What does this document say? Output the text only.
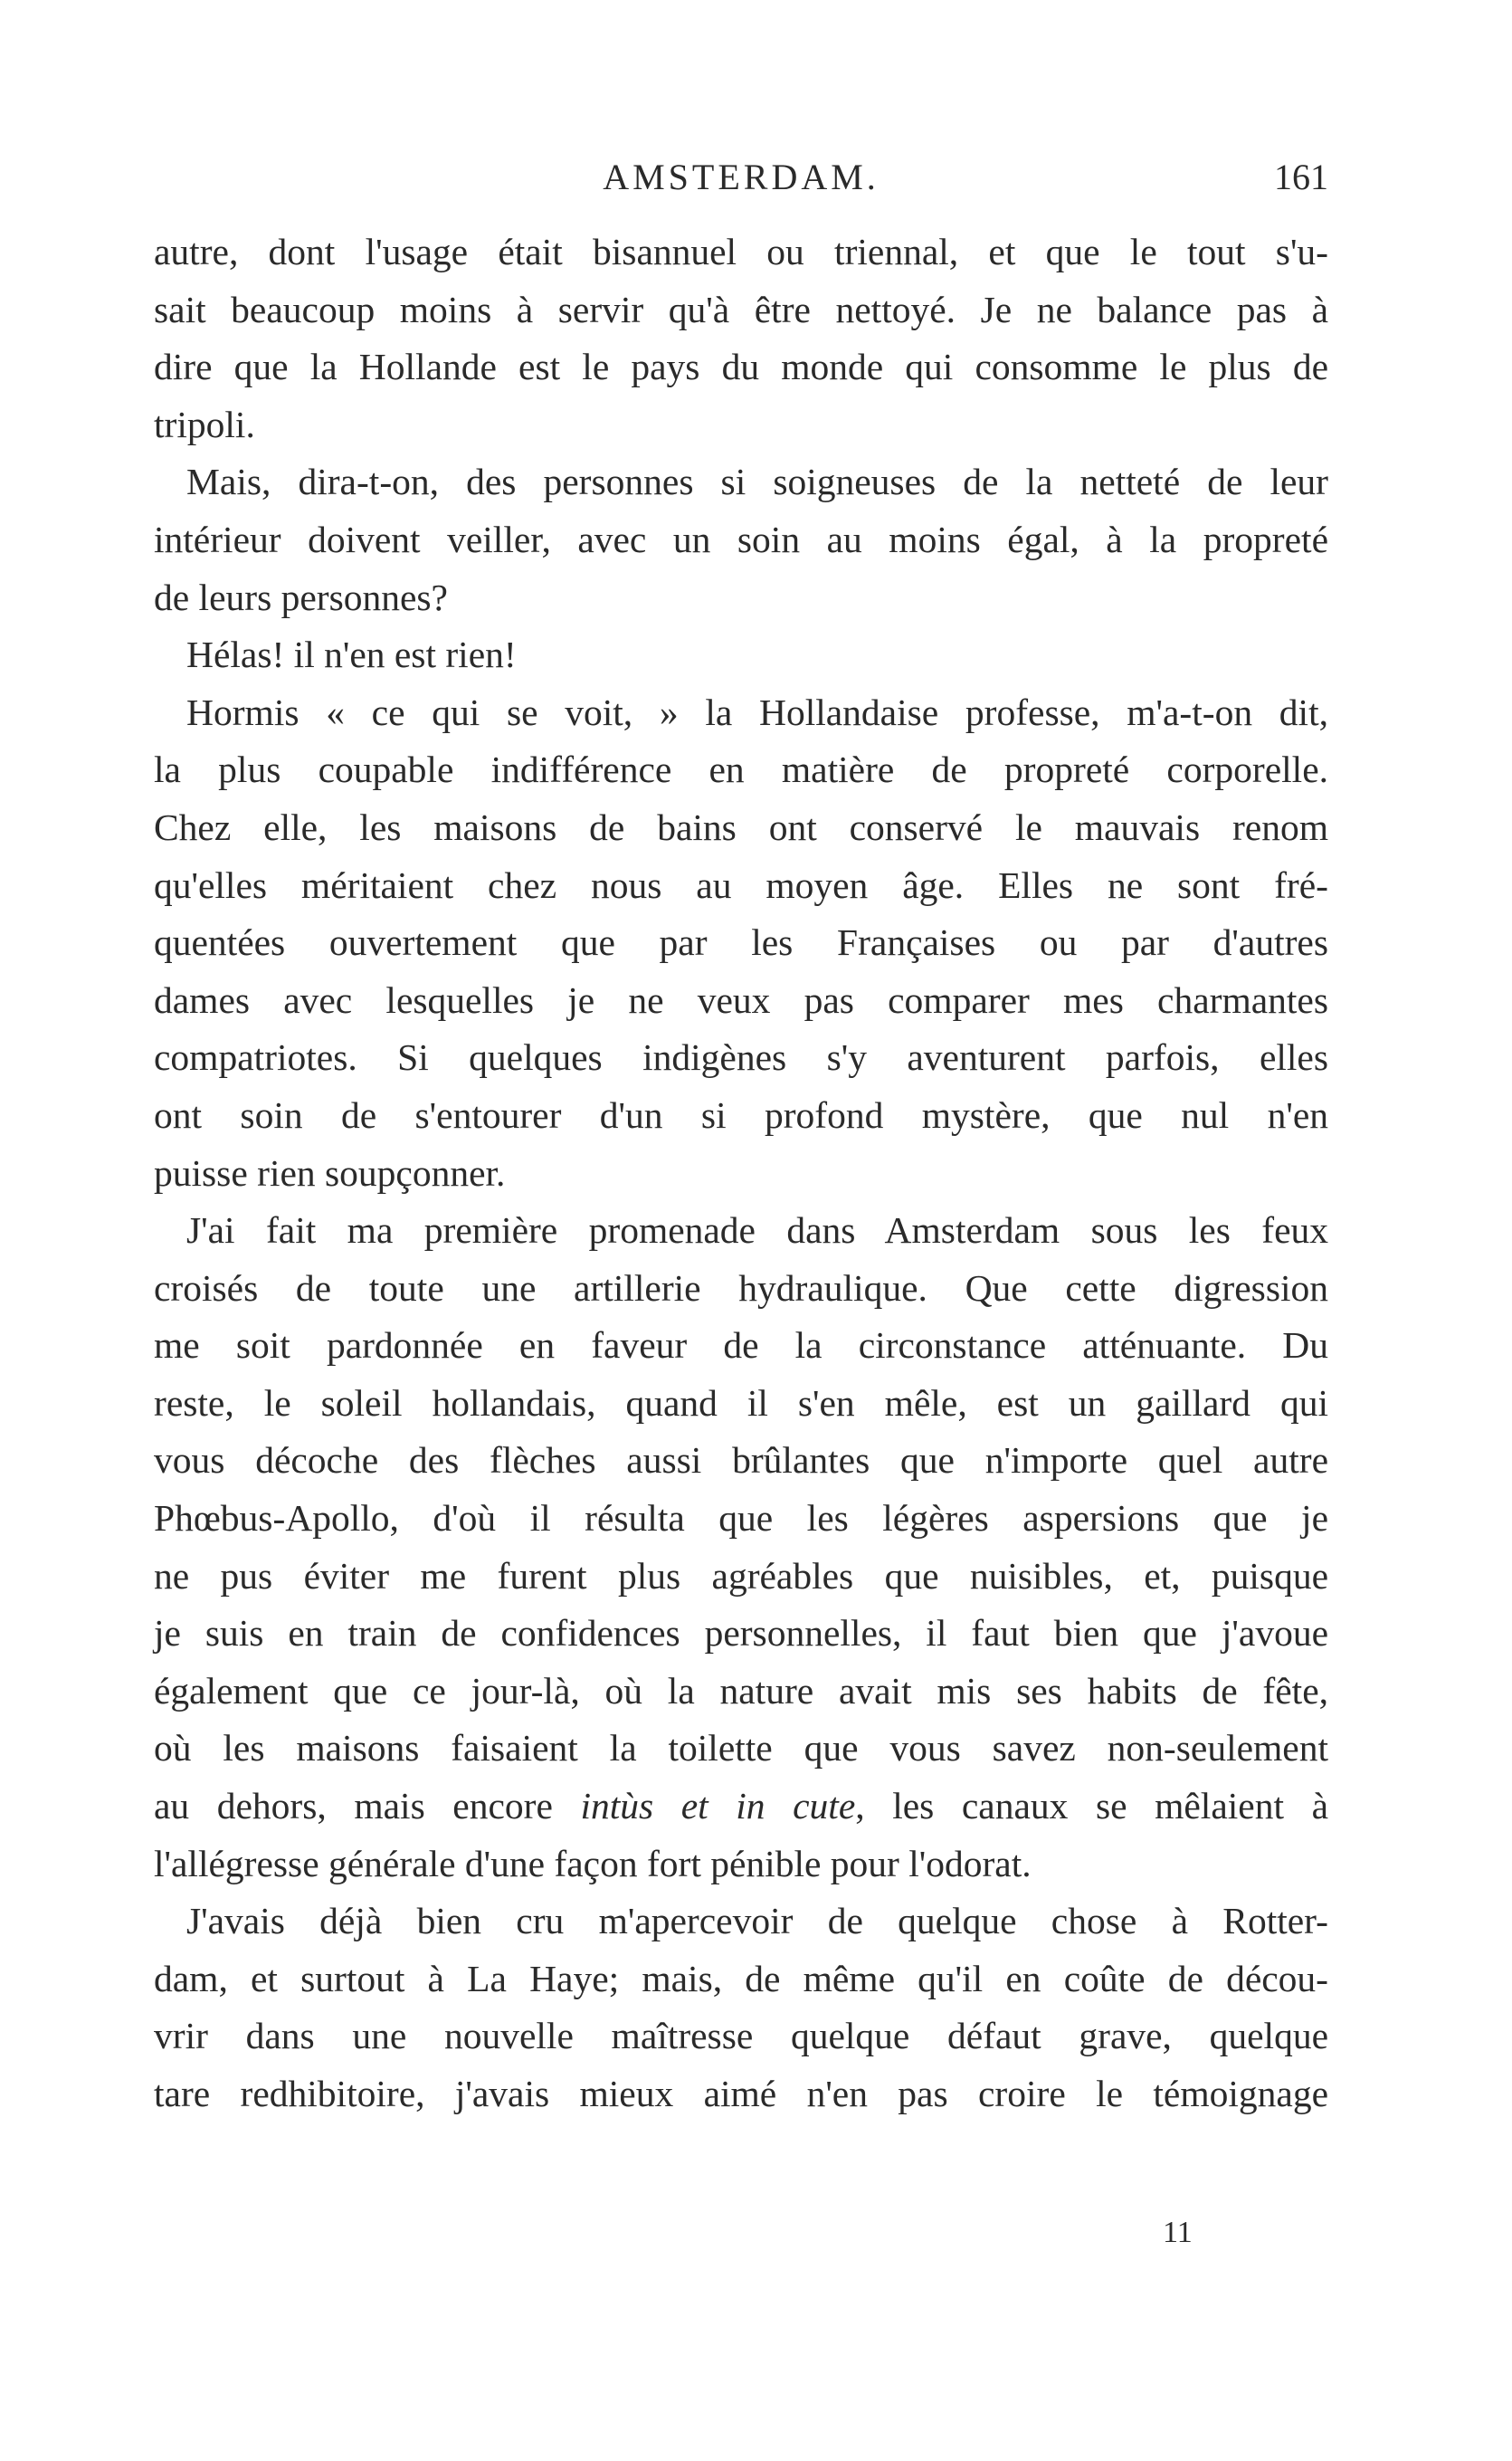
AMSTERDAM.	161
autre, dont l'usage était bisannuel ou triennal, et que le tout s'u-
sait beaucoup moins à servir qu'à être nettoyé. Je ne balance pas à
dire que la Hollande est le pays du monde qui consomme le plus de
tripoli.
Mais, dira-t-on, des personnes si soigneuses de la netteté de leur
intérieur doivent veiller, avec un soin au moins égal, à la propreté
de leurs personnes?
Hélas! il n'en est rien!
Hormis « ce qui se voit, » la Hollandaise professe, m'a-t-on dit,
la plus coupable indifférence en matière de propreté corporelle.
Chez elle, les maisons de bains ont conservé le mauvais renom
qu'elles méritaient chez nous au moyen âge. Elles ne sont fré-
quentées ouvertement que par les Françaises ou par d'autres
dames avec lesquelles je ne veux pas comparer mes charmantes
compatriotes. Si quelques indigènes s'y aventurent parfois, elles
ont soin de s'entourer d'un si profond mystère, que nul n'en
puisse rien soupçonner.
J'ai fait ma première promenade dans Amsterdam sous les feux
croisés de toute une artillerie hydraulique. Que cette digression
me soit pardonnée en faveur de la circonstance atténuante. Du
reste, le soleil hollandais, quand il s'en mêle, est un gaillard qui
vous décoche des flèches aussi brûlantes que n'importe quel autre
Phœbus-Apollo, d'où il résulta que les légères aspersions que je
ne pus éviter me furent plus agréables que nuisibles, et, puisque
je suis en train de confidences personnelles, il faut bien que j'avoue
également que ce jour-là, où la nature avait mis ses habits de fête,
où les maisons faisaient la toilette que vous savez non-seulement
au dehors, mais encore intùs et in cute, les canaux se mêlaient à
l'allégresse générale d'une façon fort pénible pour l'odorat.
J'avais déjà bien cru m'apercevoir de quelque chose à Rotter-
dam, et surtout à La Haye; mais, de même qu'il en coûte de décou-
vrir dans une nouvelle maîtresse quelque défaut grave, quelque
tare redhibitoire, j'avais mieux aimé n'en pas croire le témoignage
11
